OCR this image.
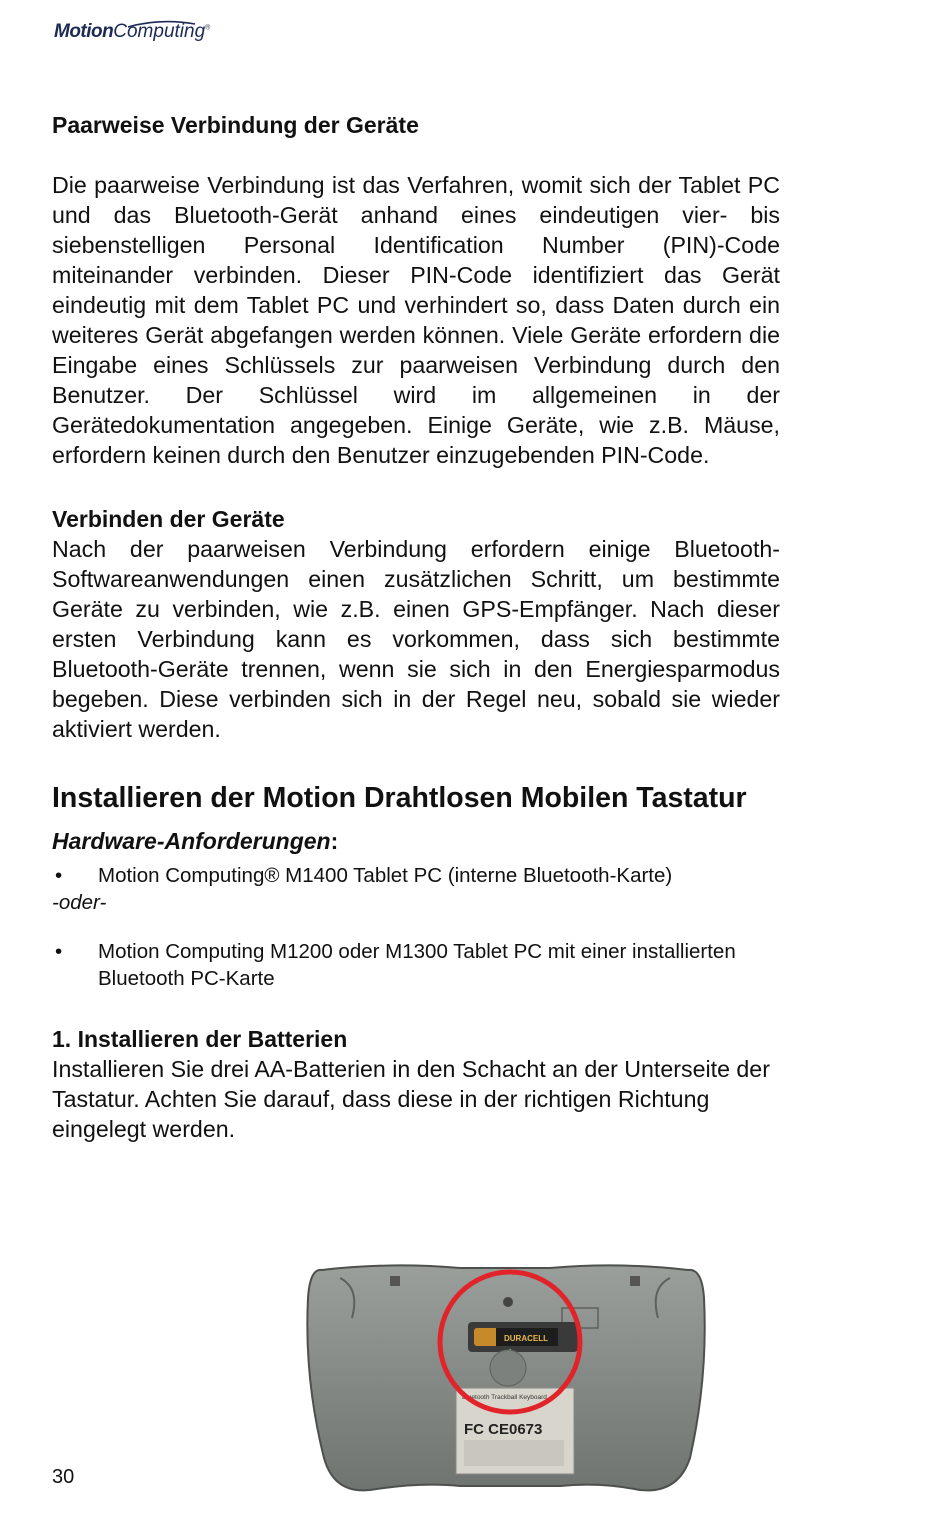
MotionComputing®
Paarweise Verbindung der Geräte

Die paarweise Verbindung ist das Verfahren, womit sich der Tablet PC und das Bluetooth-Gerät anhand eines eindeutigen vier- bis siebenstelligen Personal Identification Number (PIN)-Code miteinander verbinden. Dieser PIN-Code identifiziert das Gerät eindeutig mit dem Tablet PC und verhindert so, dass Daten durch ein weiteres Gerät abgefangen werden können. Viele Geräte erfordern die Eingabe eines Schlüssels zur paarweisen Verbindung durch den Benutzer. Der Schlüssel wird im allgemeinen in der Gerätedokumentation angegeben. Einige Geräte, wie z.B. Mäuse, erfordern keinen durch den Benutzer einzugebenden PIN-Code.

Verbinden der Geräte

Nach der paarweisen Verbindung erfordern einige Bluetooth-Softwareanwendungen einen zusätzlichen Schritt, um bestimmte Geräte zu verbinden, wie z.B. einen GPS-Empfänger. Nach dieser ersten Verbindung kann es vorkommen, dass sich bestimmte Bluetooth-Geräte trennen, wenn sie sich in den Energiesparmodus begeben. Diese verbinden sich in der Regel neu, sobald sie wieder aktiviert werden.

Installieren der Motion Drahtlosen Mobilen Tastatur
Hardware-Anforderungen:
• Motion Computing® M1400 Tablet PC (interne Bluetooth-Karte)
-oder-
• Motion Computing M1200 oder M1300 Tablet PC mit einer installierten Bluetooth PC-Karte
1. Installieren der Batterien

Installieren Sie drei AA-Batterien in den Schacht an der Unterseite der Tastatur. Achten Sie darauf, dass diese in der richtigen Richtung eingelegt werden.

DURACELL
Bluetooth Trackball Keyboard
FC CE0673
30
